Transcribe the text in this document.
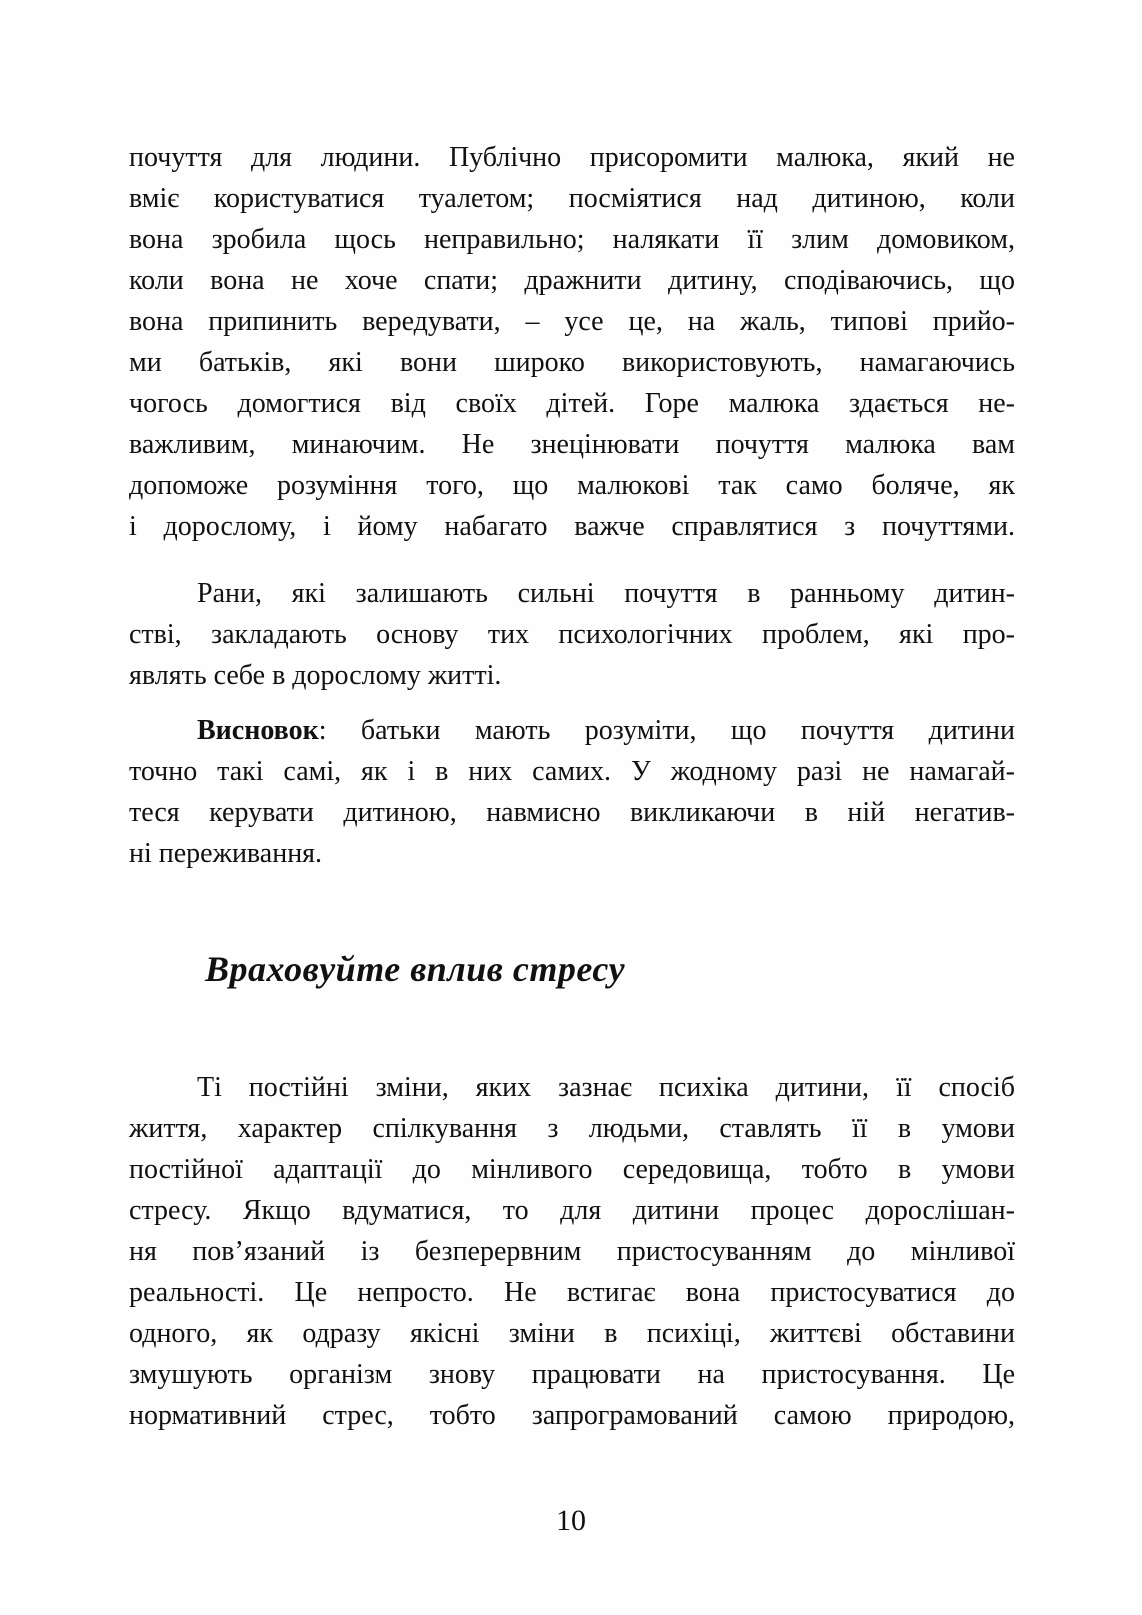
почуття для людини. Публічно присоромити малюка, який не
вміє користуватися туалетом; посміятися над дитиною, коли
вона зробила щось неправильно; налякати її злим домовиком,
коли вона не хоче спати; дражнити дитину, сподіваючись, що
вона припинить вередувати, – усе це, на жаль, типові прийо-
ми батьків, які вони широко використовують, намагаючись
чогось домогтися від своїх дітей. Горе малюка здається не-
важливим, минаючим. Не знецінювати почуття малюка вам
допоможе розуміння того, що малюкові так само боляче, як
і дорослому, і йому набагато важче справлятися з почуттями.

Рани, які залишають сильні почуття в ранньому дитин-
стві, закладають основу тих психологічних проблем, які про-
являть себе в дорослому житті.

Висновок: батьки мають розуміти, що почуття дитини
точно такі самі, як і в них самих. У жодному разі не намагай-
теся керувати дитиною, навмисно викликаючи в ній негатив-
ні переживання.

Враховуйте вплив стресу

Ті постійні зміни, яких зазнає психіка дитини, її спосіб
життя, характер спілкування з людьми, ставлять її в умови
постійної адаптації до мінливого середовища, тобто в умови
стресу. Якщо вдуматися, то для дитини процес дорослішан-
ня пов’язаний із безперервним пристосуванням до мінливої
реальності. Це непросто. Не встигає вона пристосуватися до
одного, як одразу якісні зміни в психіці, життєві обставини
змушують організм знову працювати на пристосування. Це
нормативний стрес, тобто запрограмований самою природою,

10
